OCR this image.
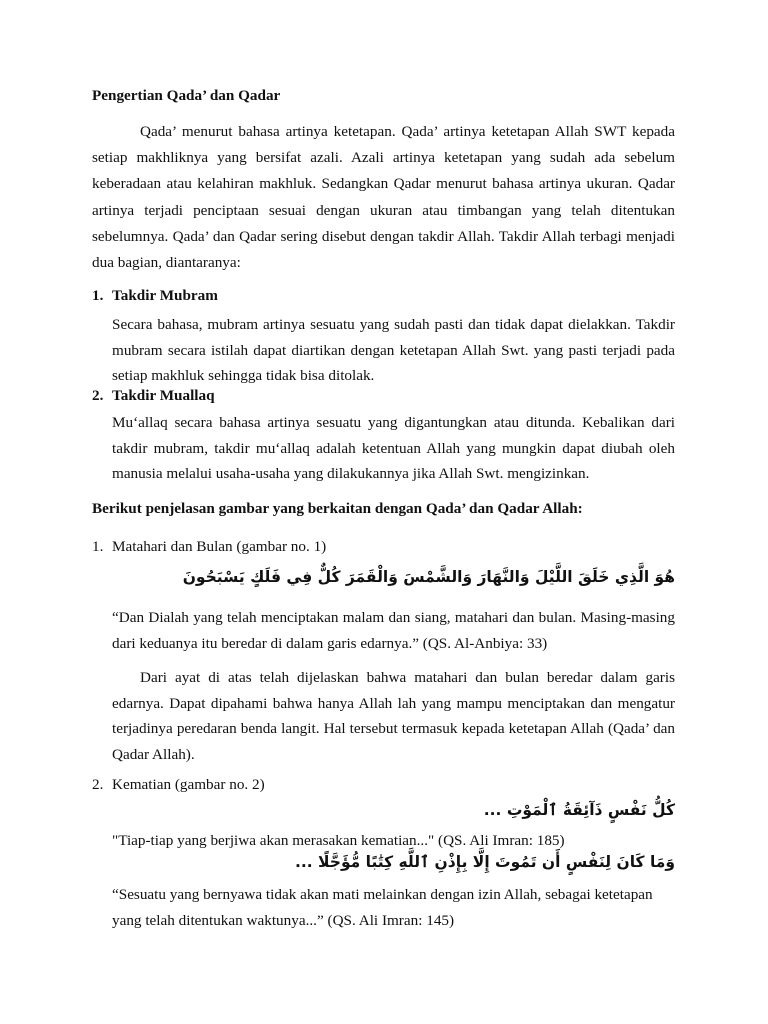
Pengertian Qada’ dan Qadar

Qada’ menurut bahasa artinya ketetapan. Qada’ artinya ketetapan Allah SWT kepada setiap makhliknya yang bersifat azali. Azali artinya ketetapan yang sudah ada sebelum keberadaan atau kelahiran makhluk. Sedangkan Qadar menurut bahasa artinya ukuran. Qadar artinya terjadi penciptaan sesuai dengan ukuran atau timbangan yang telah ditentukan sebelumnya. Qada’ dan Qadar sering disebut dengan takdir Allah. Takdir Allah terbagi menjadi dua bagian, diantaranya:

1. Takdir Mubram

Secara bahasa, mubram artinya sesuatu yang sudah pasti dan tidak dapat dielakkan. Takdir mubram secara istilah dapat diartikan dengan ketetapan Allah Swt. yang pasti terjadi pada setiap makhluk sehingga tidak bisa ditolak.

2. Takdir Muallaq

Mu‘allaq secara bahasa artinya sesuatu yang digantungkan atau ditunda. Kebalikan dari takdir mubram, takdir mu‘allaq adalah ketentuan Allah yang mungkin dapat diubah oleh manusia melalui usaha-usaha yang dilakukannya jika Allah Swt. mengizinkan.

Berikut penjelasan gambar yang berkaitan dengan Qada’ dan Qadar Allah:
1. Matahari dan Bulan (gambar no. 1)
هُوَ الَّذِي خَلَقَ اللَّيْلَ وَالنَّهَارَ وَالشَّمْسَ وَالْقَمَرَ كُلٌّ فِي فَلَكٍ يَسْبَحُونَ

“Dan Dialah yang telah menciptakan malam dan siang, matahari dan bulan. Masing-masing dari keduanya itu beredar di dalam garis edarnya.” (QS. Al-Anbiya: 33)

Dari ayat di atas telah dijelaskan bahwa matahari dan bulan beredar dalam garis edarnya. Dapat dipahami bahwa hanya Allah lah yang mampu menciptakan dan mengatur terjadinya peredaran benda langit. Hal tersebut termasuk kepada ketetapan Allah (Qada’ dan Qadar Allah).

2. Kematian (gambar no. 2)
كُلُّ نَفْسٍ ذَآئِقَةُ ٱلْمَوْتِ ...

"Tiap-tiap yang berjiwa akan merasakan kematian..." (QS. Ali Imran: 185)

وَمَا كَانَ لِنَفْسٍ أَن تَمُوتَ إِلَّا بِإِذْنِ ٱللَّهِ كِتَٰبًا مُّؤَجَّلًا ...

“Sesuatu yang bernyawa tidak akan mati melainkan dengan izin Allah, sebagai ketetapan yang telah ditentukan waktunya...” (QS. Ali Imran: 145)
